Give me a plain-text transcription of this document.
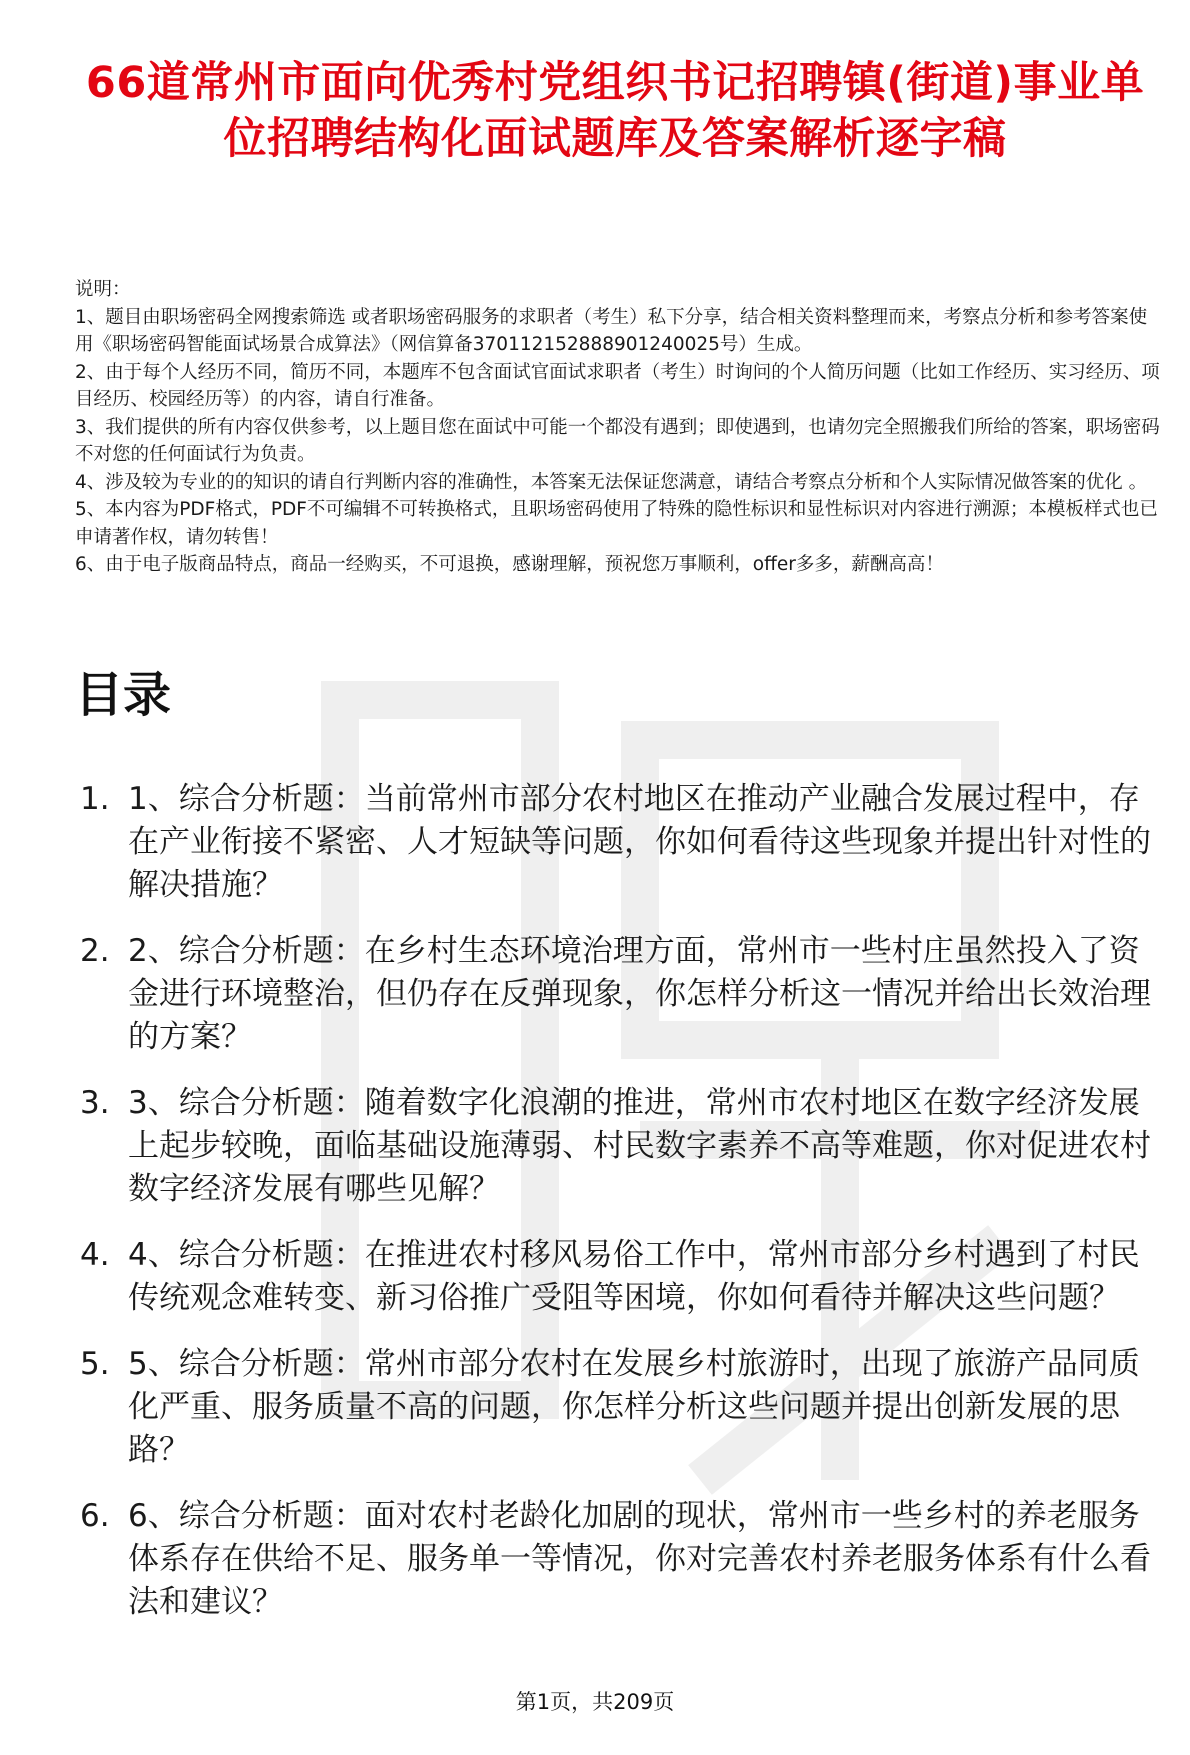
66道常州市面向优秀村党组织书记招聘镇(街道)事业单位招聘结构化面试题库及答案解析逐字稿

说明：

1、题目由职场密码全网搜索筛选 或者职场密码服务的求职者（考生）私下分享，结合相关资料整理而来，考察点分析和参考答案使用《职场密码智能面试场景合成算法》（网信算备370112152888901240025号）生成。

2、由于每个人经历不同，简历不同，本题库不包含面试官面试求职者（考生）时询问的个人简历问题（比如工作经历、实习经历、项目经历、校园经历等）的内容，请自行准备。

3、我们提供的所有内容仅供参考，以上题目您在面试中可能一个都没有遇到；即使遇到，也请勿完全照搬我们所给的答案，职场密码不对您的任何面试行为负责。

4、涉及较为专业的的知识的请自行判断内容的准确性，本答案无法保证您满意，请结合考察点分析和个人实际情况做答案的优化 。

5、本内容为PDF格式，PDF不可编辑不可转换格式，且职场密码使用了特殊的隐性标识和显性标识对内容进行溯源；本模板样式也已申请著作权，请勿转售！

6、由于电子版商品特点，商品一经购买，不可退换，感谢理解，预祝您万事顺利，offer多多，薪酬高高！

目录
1. 1、综合分析题：当前常州市部分农村地区在推动产业融合发展过程中，存在产业衔接不紧密、人才短缺等问题，你如何看待这些现象并提出针对性的解决措施？
2. 2、综合分析题：在乡村生态环境治理方面，常州市一些村庄虽然投入了资金进行环境整治，但仍存在反弹现象，你怎样分析这一情况并给出长效治理的方案？
3. 3、综合分析题：随着数字化浪潮的推进，常州市农村地区在数字经济发展上起步较晚，面临基础设施薄弱、村民数字素养不高等难题，你对促进农村数字经济发展有哪些见解？
4. 4、综合分析题：在推进农村移风易俗工作中，常州市部分乡村遇到了村民传统观念难转变、新习俗推广受阻等困境，你如何看待并解决这些问题？
5. 5、综合分析题：常州市部分农村在发展乡村旅游时，出现了旅游产品同质化严重、服务质量不高的问题，你怎样分析这些问题并提出创新发展的思路？
6. 6、综合分析题：面对农村老龄化加剧的现状，常州市一些乡村的养老服务体系存在供给不足、服务单一等情况，你对完善农村养老服务体系有什么看法和建议？
第1页，共209页
